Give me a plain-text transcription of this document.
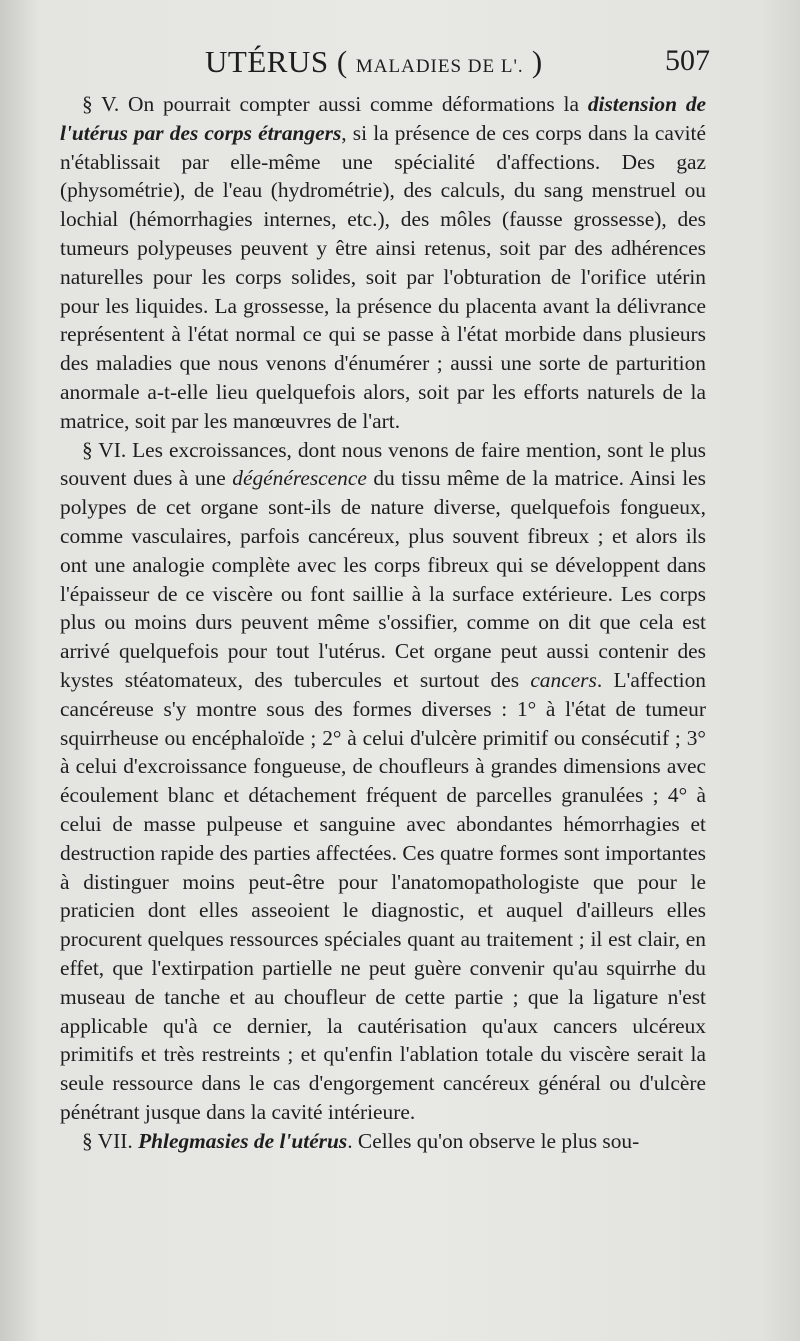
UTÉRUS ( MALADIES DE L'. )	507

§ V. On pourrait compter aussi comme déformations la distension de l'utérus par des corps étrangers, si la présence de ces corps dans la cavité n'établissait par elle-même une spécialité d'affections. Des gaz (physométrie), de l'eau (hydrométrie), des calculs, du sang menstruel ou lochial (hémorrhagies internes, etc.), des môles (fausse grossesse), des tumeurs polypeuses peuvent y être ainsi retenus, soit par des adhérences naturelles pour les corps solides, soit par l'obturation de l'orifice utérin pour les liquides. La grossesse, la présence du placenta avant la délivrance représentent à l'état normal ce qui se passe à l'état morbide dans plusieurs des maladies que nous venons d'énumérer ; aussi une sorte de parturition anormale a-t-elle lieu quelquefois alors, soit par les efforts naturels de la matrice, soit par les manœuvres de l'art.

§ VI. Les excroissances, dont nous venons de faire mention, sont le plus souvent dues à une dégénérescence du tissu même de la matrice. Ainsi les polypes de cet organe sont-ils de nature diverse, quelquefois fongueux, comme vasculaires, parfois cancéreux, plus souvent fibreux ; et alors ils ont une analogie complète avec les corps fibreux qui se développent dans l'épaisseur de ce viscère ou font saillie à la surface extérieure. Les corps plus ou moins durs peuvent même s'ossifier, comme on dit que cela est arrivé quelquefois pour tout l'utérus. Cet organe peut aussi contenir des kystes stéatomateux, des tubercules et surtout des cancers. L'affection cancéreuse s'y montre sous des formes diverses : 1° à l'état de tumeur squirrheuse ou encéphaloïde ; 2° à celui d'ulcère primitif ou consécutif ; 3° à celui d'excroissance fongueuse, de choufleurs à grandes dimensions avec écoulement blanc et détachement fréquent de parcelles granulées ; 4° à celui de masse pulpeuse et sanguine avec abondantes hémorrhagies et destruction rapide des parties affectées. Ces quatre formes sont importantes à distinguer moins peut-être pour l'anatomopathologiste que pour le praticien dont elles asseoient le diagnostic, et auquel d'ailleurs elles procurent quelques ressources spéciales quant au traitement ; il est clair, en effet, que l'extirpation partielle ne peut guère convenir qu'au squirrhe du museau de tanche et au choufleur de cette partie ; que la ligature n'est applicable qu'à ce dernier, la cautérisation qu'aux cancers ulcéreux primitifs et très restreints ; et qu'enfin l'ablation totale du viscère serait la seule ressource dans le cas d'engorgement cancéreux général ou d'ulcère pénétrant jusque dans la cavité intérieure.

§ VII. Phlegmasies de l'utérus. Celles qu'on observe le plus sou-
